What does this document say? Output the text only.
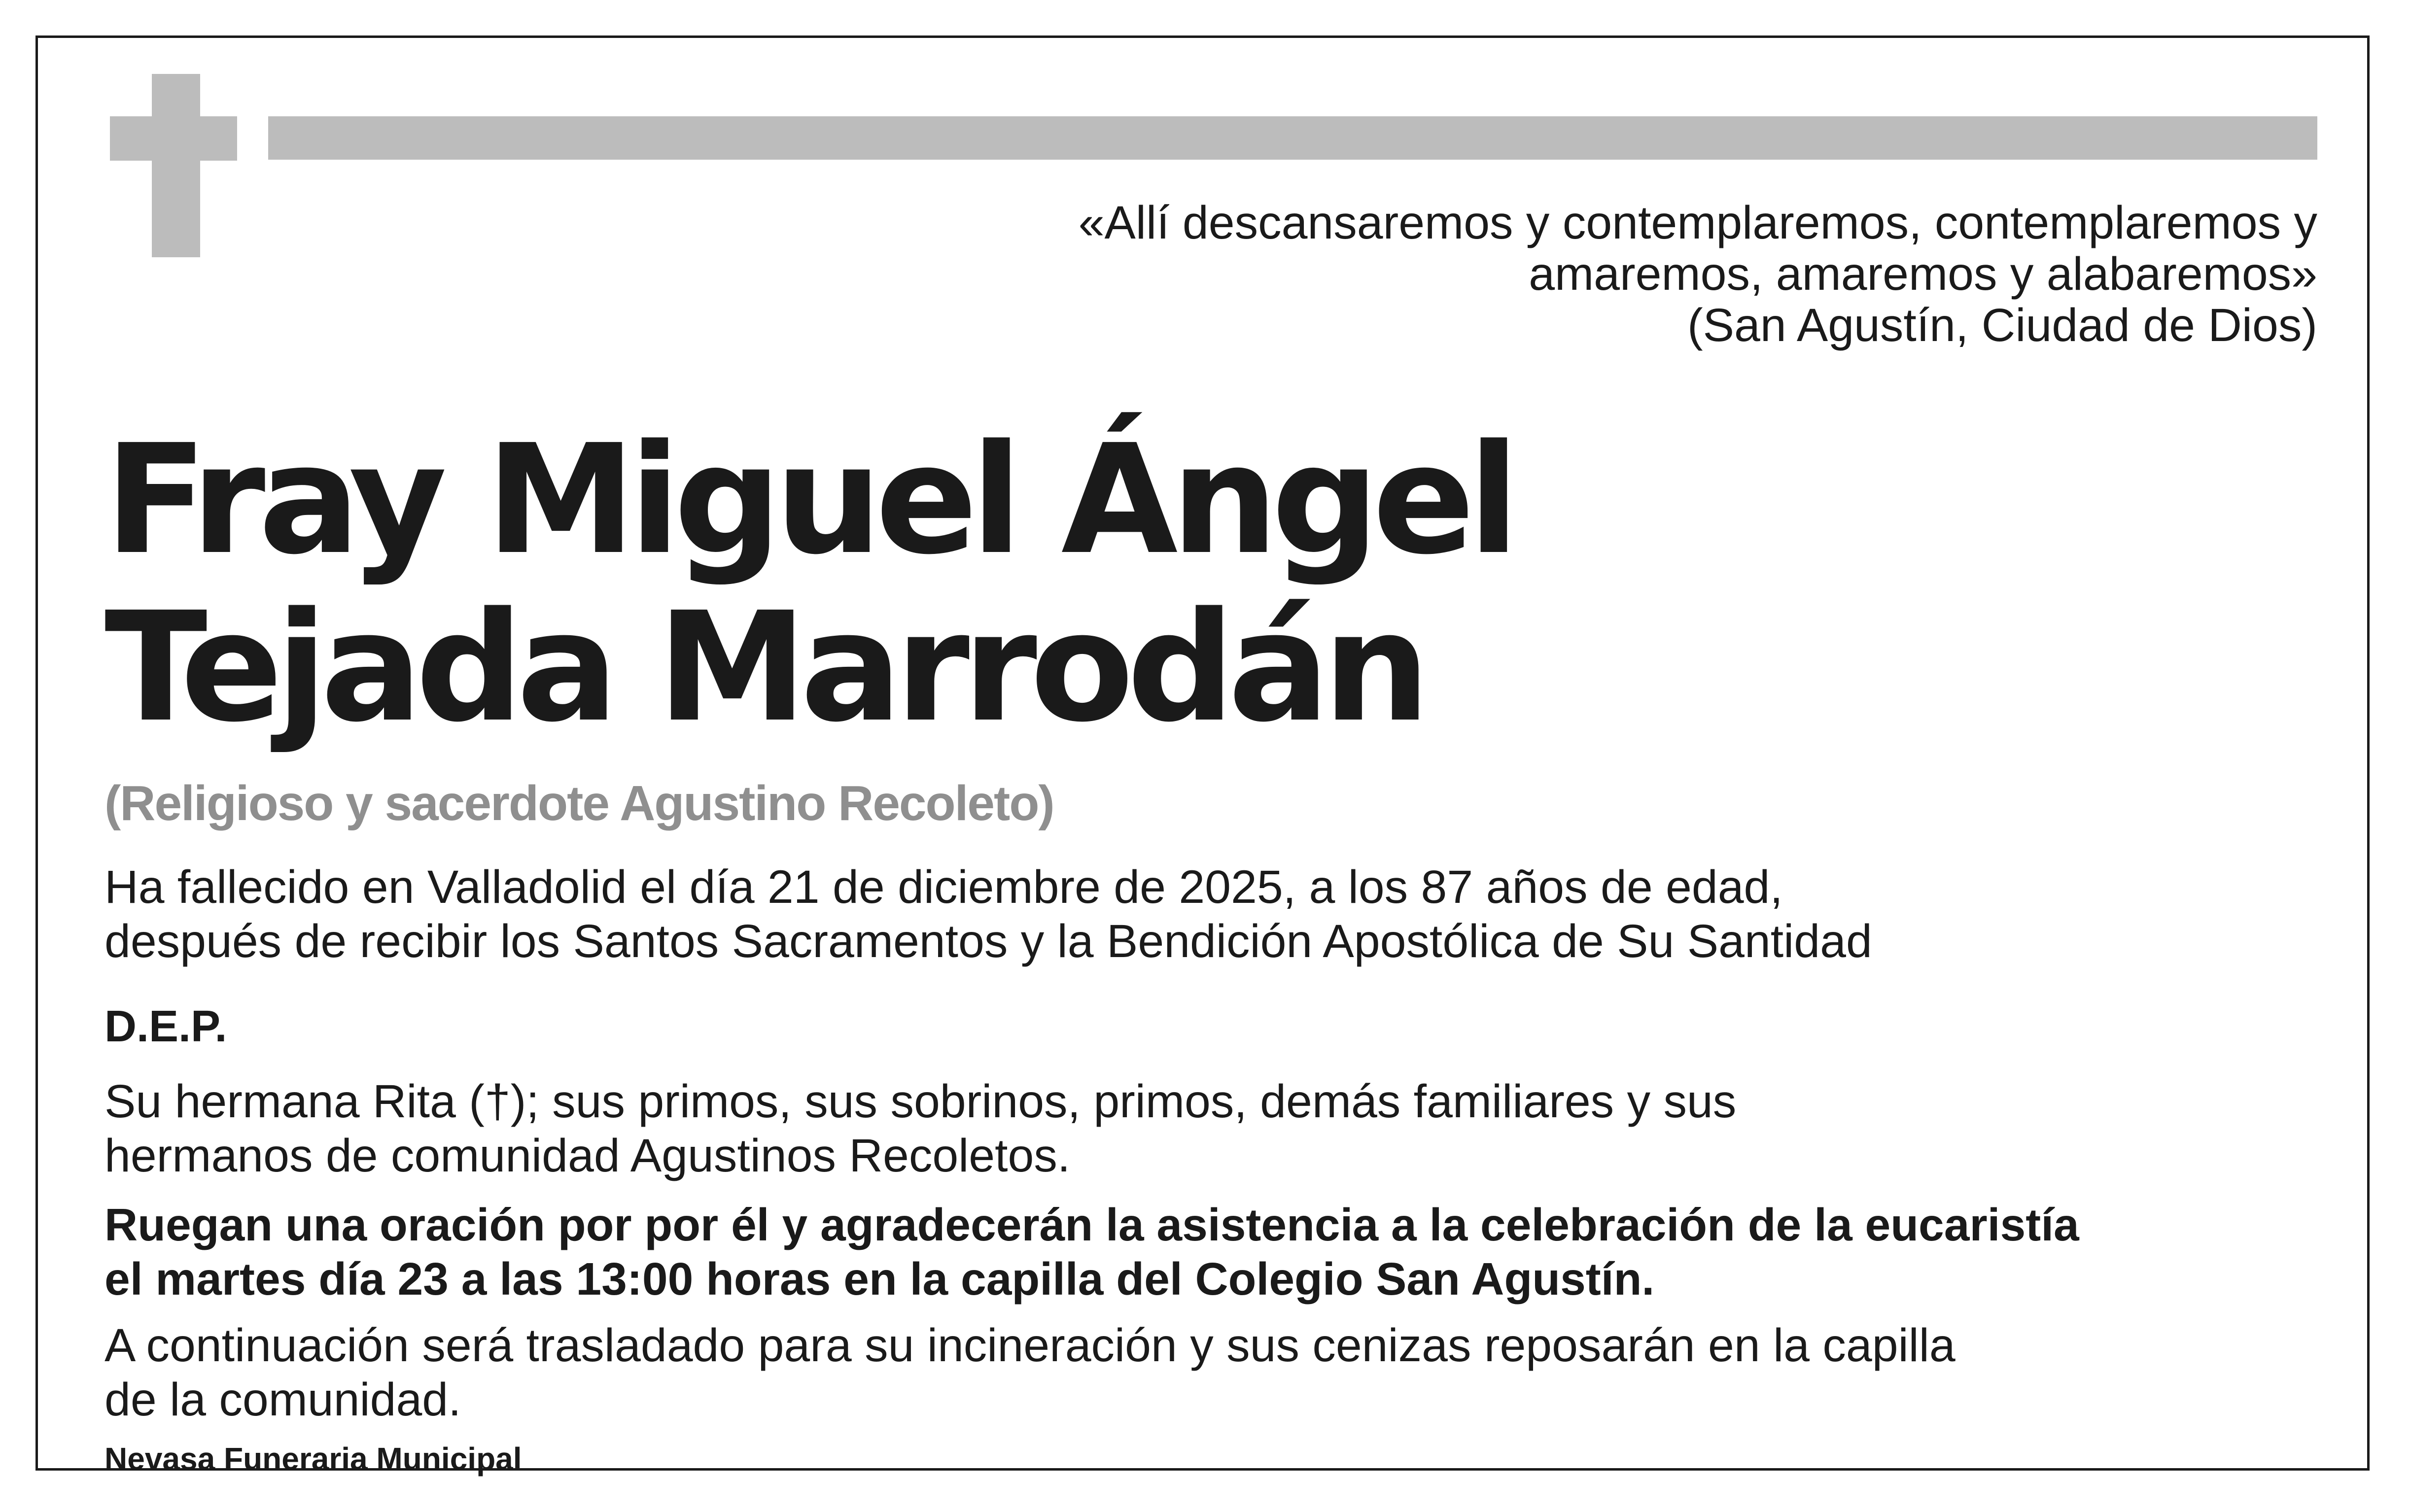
«Allí descansaremos y contemplaremos, contemplaremos y
amaremos, amaremos y alabaremos»
(San Agustín, Ciudad de Dios)
Fray Miguel Ángel
Tejada Marrodán
(Religioso y sacerdote Agustino Recoleto)
Ha fallecido en Valladolid el día 21 de diciembre de 2025, a los 87 años de edad,
después de recibir los Santos Sacramentos y la Bendición Apostólica de Su Santidad
D.E.P.
Su hermana Rita (†); sus primos, sus sobrinos, primos, demás familiares y sus
hermanos de comunidad Agustinos Recoletos.
Ruegan una oración por por él y agradecerán la asistencia a la celebración de la eucaristía
el martes día 23 a las 13:00 horas en la capilla del Colegio San Agustín.
A continuación será trasladado para su incineración y sus cenizas reposarán en la capilla
de la comunidad.
Nevasa Funeraria Municipal
